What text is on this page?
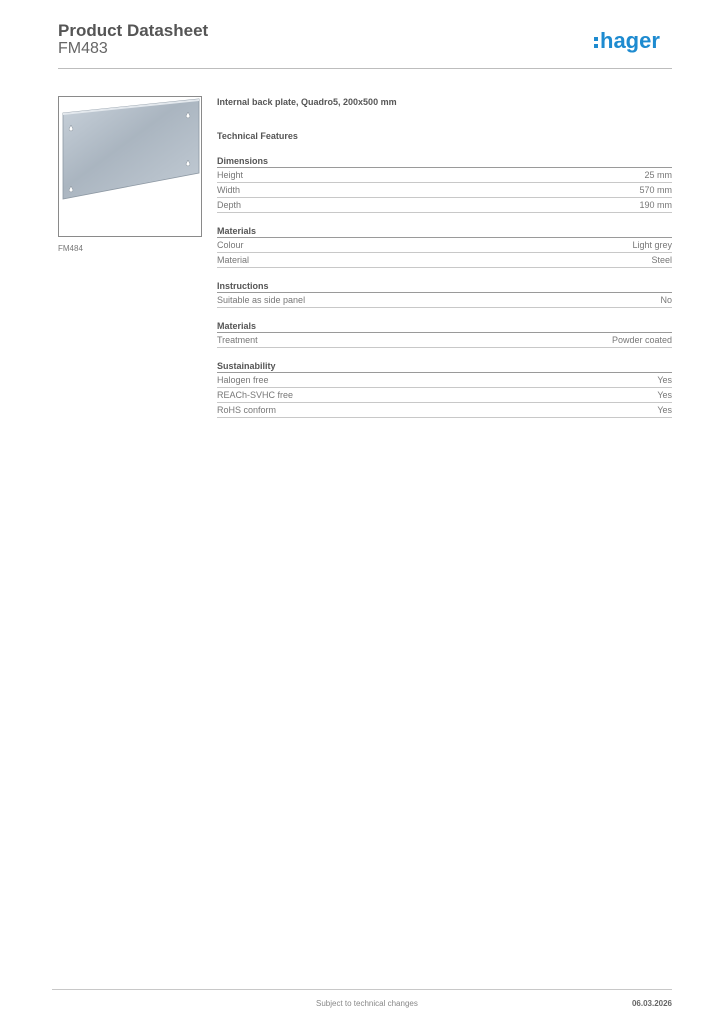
Product Datasheet
FM483	hager
FM484
Internal back plate, Quadro5, 200x500 mm
Technical Features
Dimensions
Height	25 mm
Width	570 mm
Depth	190 mm
Materials
Colour	Light grey
Material	Steel
Instructions
Suitable as side panel	No
Materials
Treatment	Powder coated
Sustainability
Halogen free	Yes
REACh-SVHC free	Yes
RoHS conform	Yes
Subject to technical changes	06.03.2026
